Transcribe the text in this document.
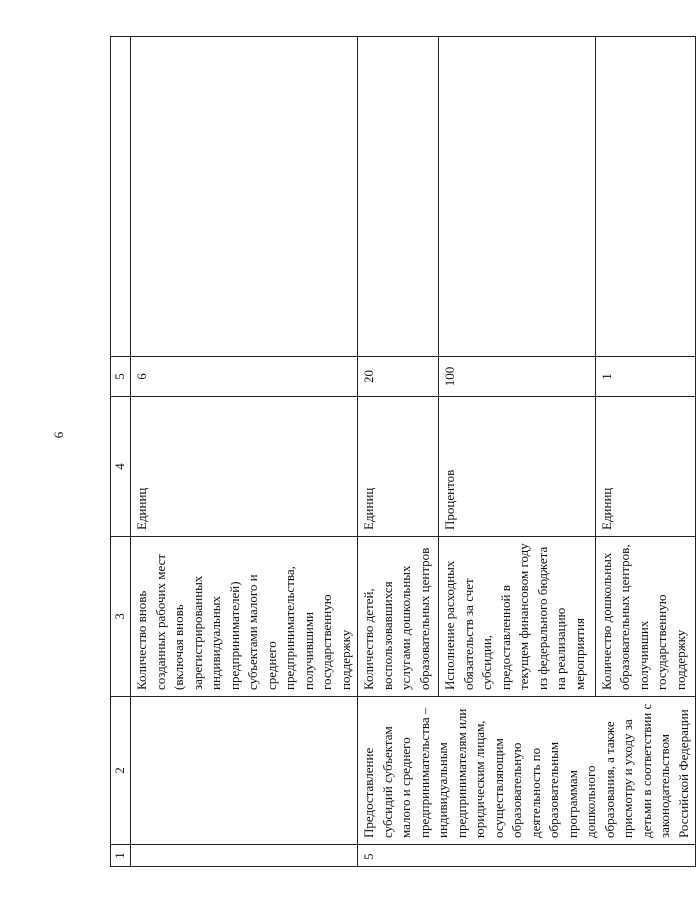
6
1	2	3	4	5	
		Количество вновь созданных рабочих мест (включая вновь зарегистрированных индивидуальных предпринимателей) субъектами малого и среднего предпринимательства, получившими государственную поддержку	Единиц	6	
5	Предоставление субсидий субъектам малого и среднего предпринимательства – индивидуальным предпринимателям или юридическим лицам, осуществляющим образовательную деятельность по образовательным программам дошкольного образования, а также присмотру и уходу за детьми в соответствии с законодательством Российской Федерации	Количество детей, воспользовавшихся услугами дошкольных образовательных центров	Единиц	20	
		Исполнение расходных обязательств за счет субсидии, предоставленной в текущем финансовом году из федерального бюджета на реализацию мероприятия	Процентов	100	
		Количество дошкольных образовательных центров, получивших государственную поддержку	Единиц	1	
